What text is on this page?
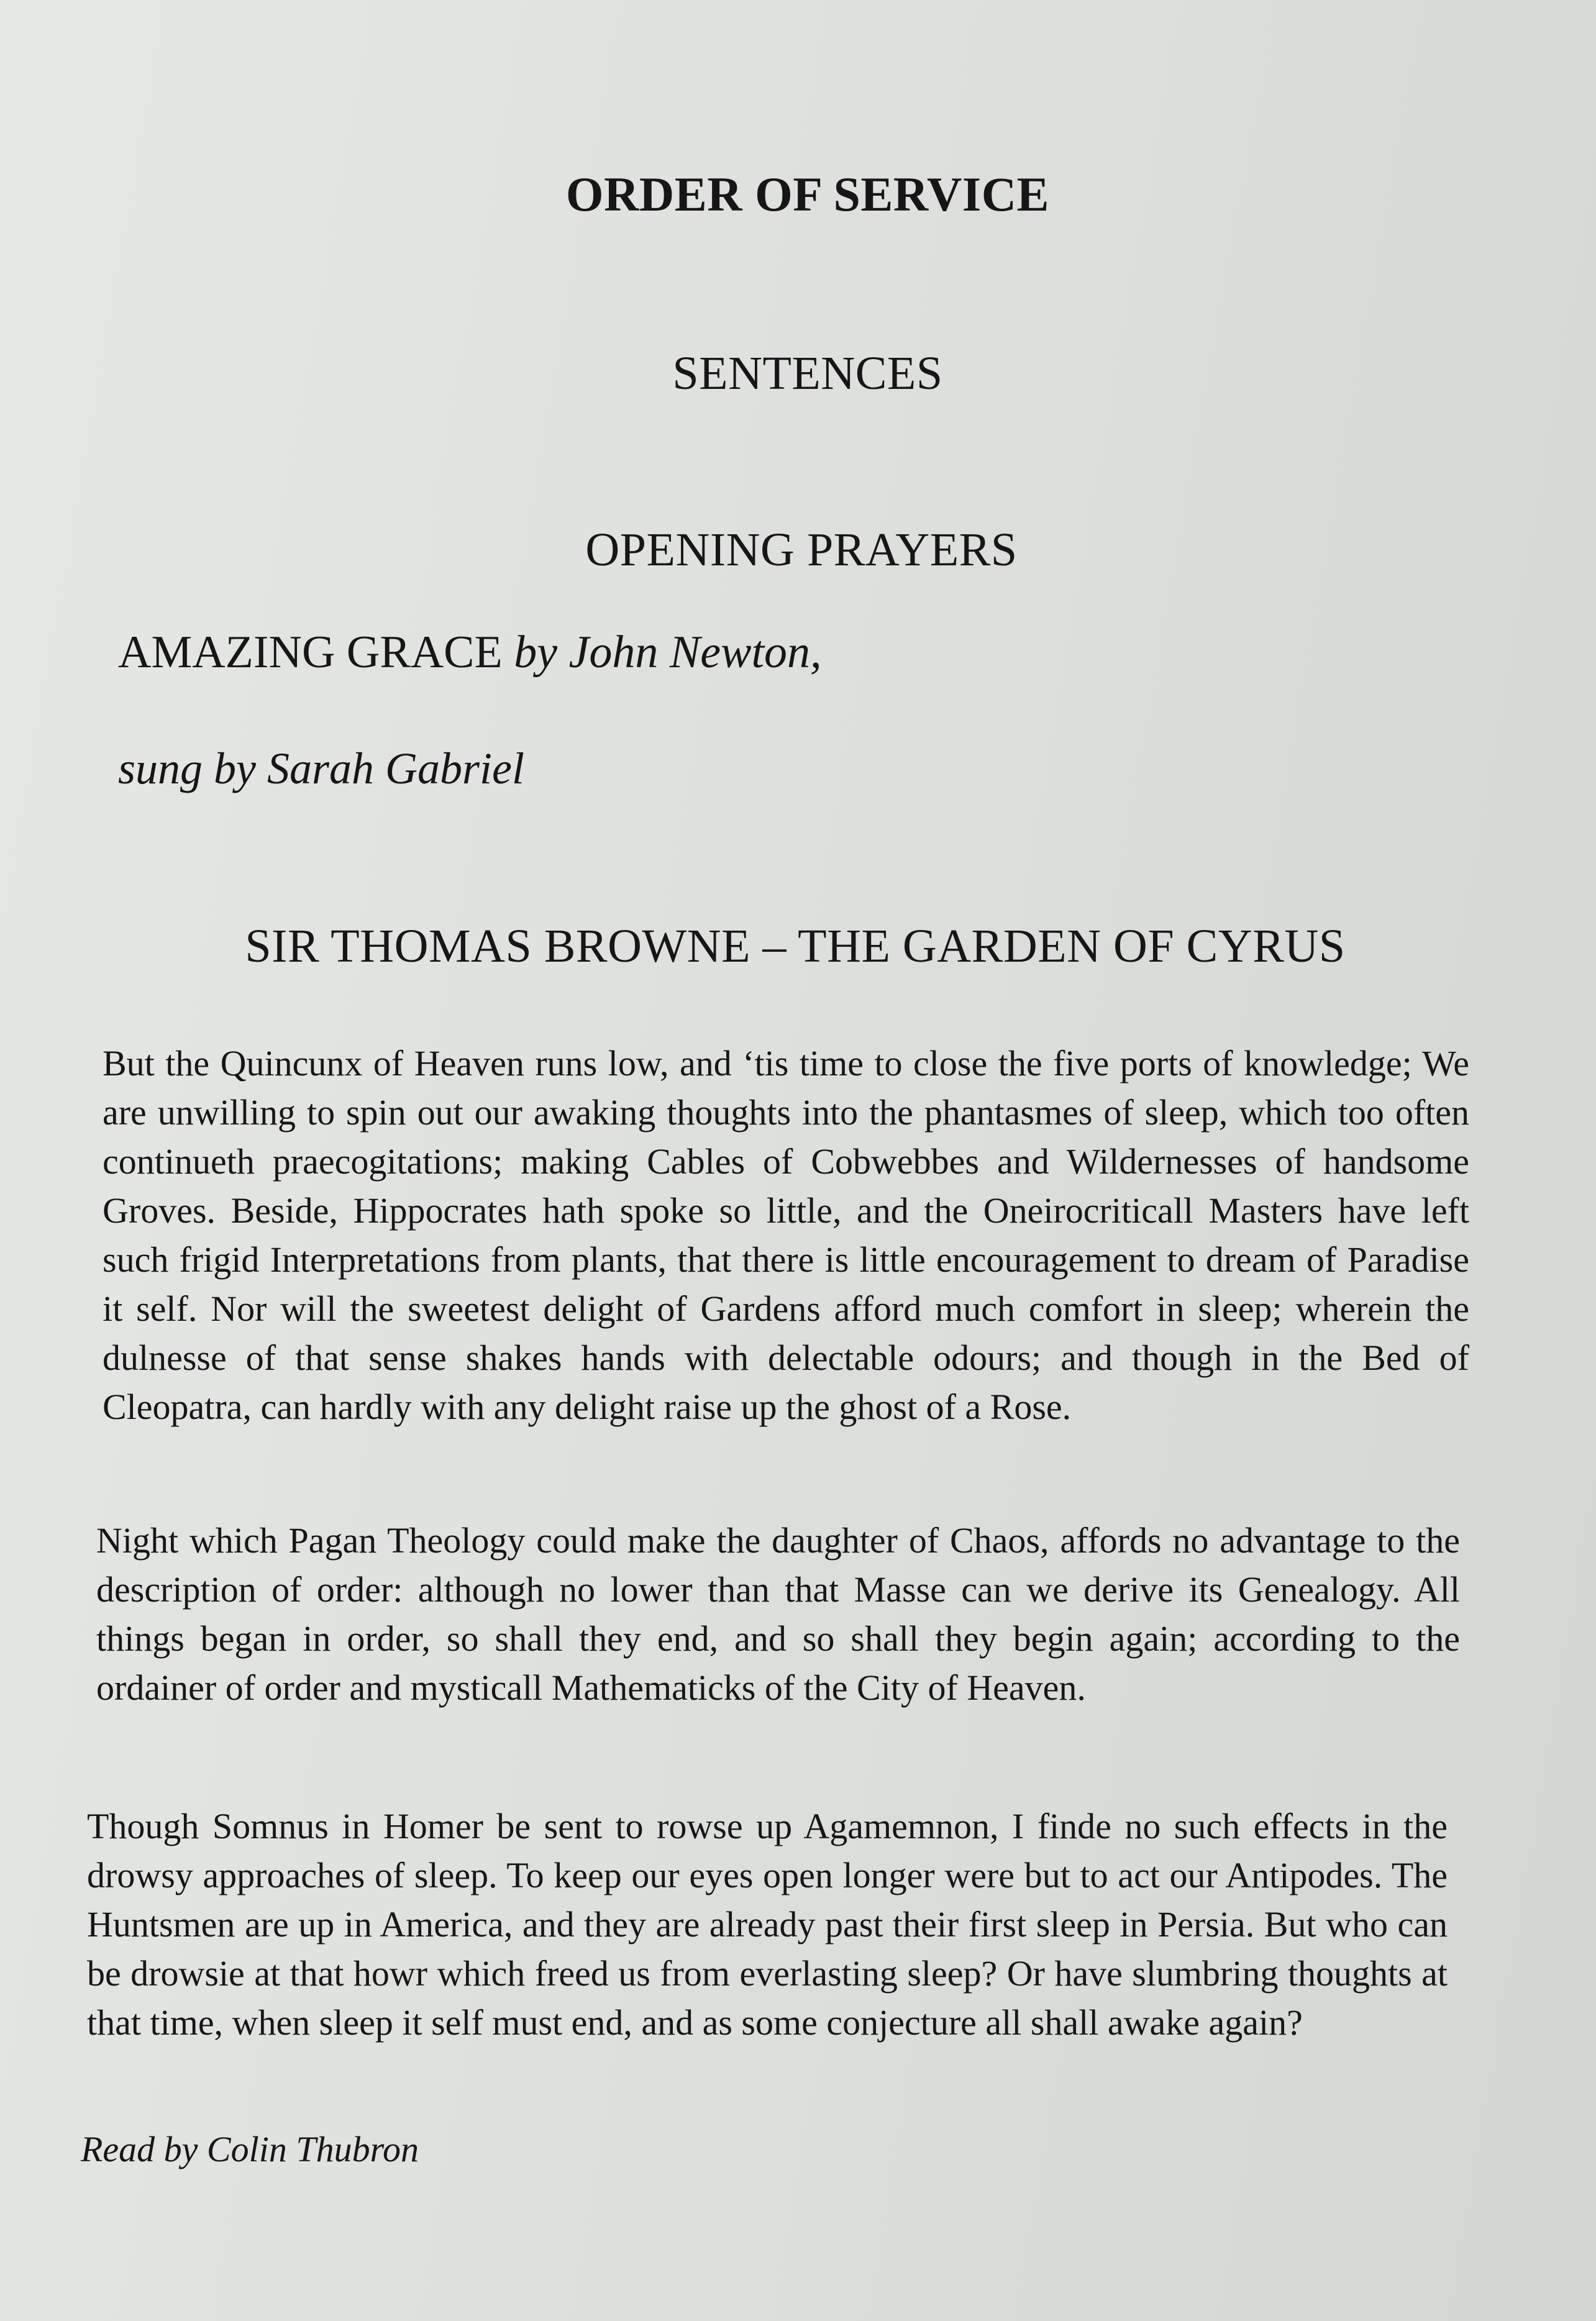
ORDER OF SERVICE
SENTENCES
OPENING PRAYERS
AMAZING GRACE by John Newton,
sung by Sarah Gabriel
SIR THOMAS BROWNE – THE GARDEN OF CYRUS
But the Quincunx of Heaven runs low, and ‘tis time to close the five ports of knowledge; We are unwilling to spin out our awaking thoughts into the phantasmes of sleep, which too often continueth praecogitations; making Cables of Cobwebbes and Wildernesses of handsome Groves. Beside, Hippocrates hath spoke so little, and the Oneirocriticall Masters have left such frigid Interpretations from plants, that there is little encouragement to dream of Paradise it self. Nor will the sweetest delight of Gardens afford much comfort in sleep; wherein the dulnesse of that sense shakes hands with delectable odours; and though in the Bed of Cleopatra, can hardly with any delight raise up the ghost of a Rose.
Night which Pagan Theology could make the daughter of Chaos, affords no advantage to the description of order: although no lower than that Masse can we derive its Genealogy. All things began in order, so shall they end, and so shall they begin again; according to the ordainer of order and mysticall Mathematicks of the City of Heaven.
Though Somnus in Homer be sent to rowse up Agamemnon, I finde no such effects in the drowsy approaches of sleep. To keep our eyes open longer were but to act our Antipodes. The Huntsmen are up in America, and they are already past their first sleep in Persia. But who can be drowsie at that howr which freed us from everlasting sleep? Or have slumbring thoughts at that time, when sleep it self must end, and as some conjecture all shall awake again?
Read by Colin Thubron
